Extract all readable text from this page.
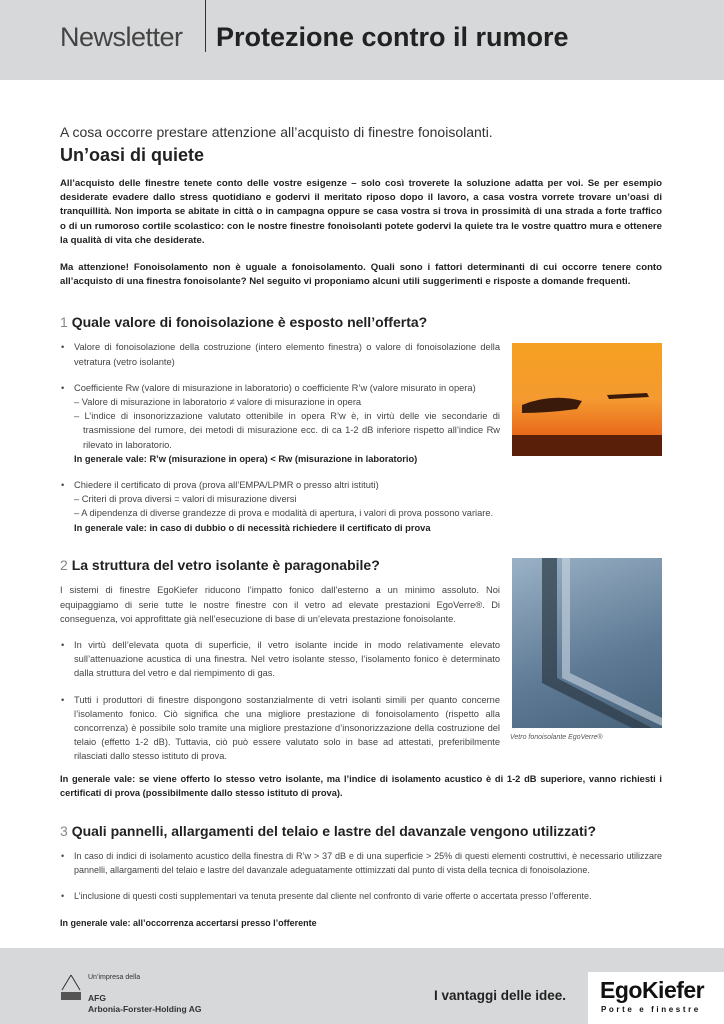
Newsletter Protezione contro il rumore
A cosa occorre prestare attenzione all’acquisto di finestre fonoisolanti.
Un’oasi di quiete

All’acquisto delle finestre tenete conto delle vostre esigenze – solo così troverete la soluzione adatta per voi. Se per esempio desiderate evadere dallo stress quotidiano e godervi il meritato riposo dopo il lavoro, a casa vostra vorrete trovare un’oasi di tranquillità. Non importa se abitate in città o in campagna oppure se casa vostra si trova in prossimità di una strada a forte traffico o di un rumoroso cortile scolastico: con le nostre finestre fonoisolanti potete godervi la quiete tra le vostre quattro mura e ottenere la qualità di vita che desiderate.

Ma attenzione! Fonoisolamento non è uguale a fonoisolamento. Quali sono i fattori determinanti di cui occorre tenere conto all’acquisto di una finestra fonoisolante? Nel seguito vi proponiamo alcuni utili suggerimenti e risposte a domande frequenti.

1 Quale valore di fonoisolazione è esposto nell’offerta?
• Valore di fonoisolazione della costruzione (intero elemento finestra) o valore di fonoisolazione della vetratura (vetro isolante)
• Coefficiente Rw (valore di misurazione in laboratorio) o coefficiente R’w (valore misurato in opera)
– Valore di misurazione in laboratorio ≠ valore di misurazione in opera
– L’indice di insonorizzazione valutato ottenibile in opera R’w è, in virtù delle vie secondarie di trasmissione del rumore, dei metodi di misurazione ecc. di ca 1-2 dB inferiore rispetto all’indice Rw rilevato in laboratorio.
In generale vale: R’w (misurazione in opera) < Rw (misurazione in laboratorio)
• Chiedere il certificato di prova (prova all’EMPA/LPMR o presso altri istituti)
– Criteri di prova diversi = valori di misurazione diversi
– A dipendenza di diverse grandezze di prova e modalità di apertura, i valori di prova possono variare.
In generale vale: in caso di dubbio o di necessità richiedere il certificato di prova
2 La struttura del vetro isolante è paragonabile?

I sistemi di finestre EgoKiefer riducono l’impatto fonico dall’esterno a un minimo assoluto. Noi equipaggiamo di serie tutte le nostre finestre con il vetro ad elevate prestazioni EgoVerre®. Di conseguenza, voi approfittate già nell’esecuzione di base di un’elevata prestazione fonoisolante.

• In virtù dell’elevata quota di superficie, il vetro isolante incide in modo relativamente elevato sull’attenuazione acustica di una finestra. Nel vetro isolante stesso, l’isolamento fonico è determinato dalla struttura del vetro e dal riempimento di gas.
• Tutti i produttori di finestre dispongono sostanzialmente di vetri isolanti simili per quanto concerne l’isolamento fonico. Ciò significa che una migliore prestazione di fonoisolamento (rispetto alla concorrenza) è possibile solo tramite una migliore prestazione d’insonorizzazione della costruzione del telaio (effetto 1-2 dB). Tuttavia, ciò può essere valutato solo in base ad attestati, preferibilmente rilasciati dallo stesso istituto di prova.
Vetro fonoisolante EgoVerre®

In generale vale: se viene offerto lo stesso vetro isolante, ma l’indice di isolamento acustico è di 1-2 dB superiore, vanno richiesti i certificati di prova (possibilmente dallo stesso istituto di prova).

3 Quali pannelli, allargamenti del telaio e lastre del davanzale vengono utilizzati?
• In caso di indici di isolamento acustico della finestra di R’w > 37 dB e di una superficie > 25% di questi elementi costruttivi, è necessario utilizzare pannelli, allargamenti del telaio e lastre del davanzale adeguatamente ottimizzati dal punto di vista della tecnica di fonoisolazione.
• L’inclusione di questi costi supplementari va tenuta presente dal cliente nel confronto di varie offerte o accertata presso l’offerente.
In generale vale: all’occorrenza accertarsi presso l’offerente
Un’impresa della
AFG
Arbonia-Forster-Holding AG
I vantaggi delle idee. EgoKiefer
Porte e finestre
